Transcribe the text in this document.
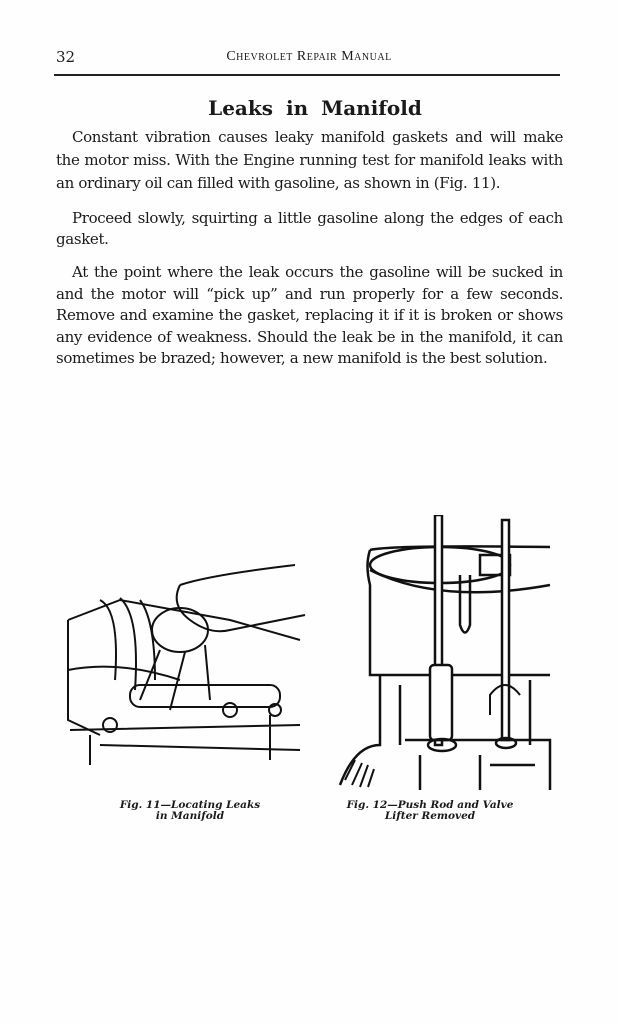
32	Chevrolet Repair Manual
Leaks in Manifold
Constant vibration causes leaky manifold gaskets and will make the motor miss. With the Engine running test for manifold leaks with an ordinary oil can filled with gasoline, as shown in (Fig. 11).
Proceed slowly, squirting a little gasoline along the edges of each gasket.
At the point where the leak occurs the gasoline will be sucked in and the motor will “pick up” and run properly for a few seconds. Remove and examine the gasket, replacing it if it is broken or shows any evidence of weakness. Should the leak be in the manifold, it can sometimes be brazed; however, a new manifold is the best solution.
Fig. 11—Locating Leaks
in Manifold
Fig. 12—Push Rod and Valve
Lifter Removed
